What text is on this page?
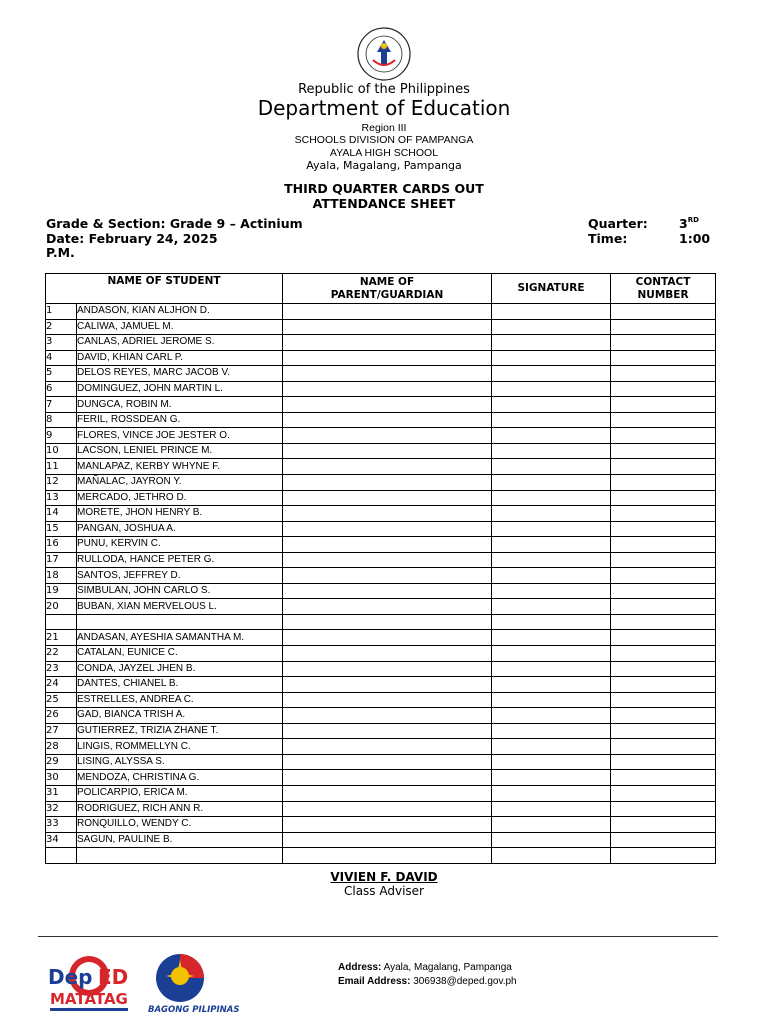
Republic of the Philippines
Department of Education
Region III
SCHOOLS DIVISION OF PAMPANGA
AYALA HIGH SCHOOL
Ayala, Magalang, Pampanga
THIRD QUARTER CARDS OUT
ATTENDANCE SHEET
Grade & Section: Grade 9 – Actinium
Date: February 24, 2025
P.M.
Quarter:	3RD
Time:	1:00
NAME OF STUDENT		NAME OF PARENT/GUARDIAN	SIGNATURE	CONTACT NUMBER
1	ANDASON, KIAN ALJHON D.			
2	CALIWA, JAMUEL M.			
3	CANLAS, ADRIEL JEROME S.			
4	DAVID, KHIAN CARL P.			
5	DELOS REYES, MARC JACOB V.			
6	DOMINGUEZ, JOHN MARTIN L.			
7	DUNGCA, ROBIN M.			
8	FERIL, ROSSDEAN G.			
9	FLORES, VINCE JOE JESTER O.			
10	LACSON, LENIEL PRINCE M.			
11	MANLAPAZ, KERBY WHYNE F.			
12	MAÑALAC, JAYRON Y.			
13	MERCADO, JETHRO D.			
14	MORETE, JHON HENRY B.			
15	PANGAN, JOSHUA A.			
16	PUNU, KERVIN C.			
17	RULLODA, HANCE PETER G.			
18	SANTOS, JEFFREY D.			
19	SIMBULAN, JOHN CARLO S.			
20	BUBAN, XIAN MERVELOUS L.			

21	ANDASAN, AYESHIA SAMANTHA M.			
22	CATALAN, EUNICE C.			
23	CONDA, JAYZEL JHEN B.			
24	DANTES, CHIANEL B.			
25	ESTRELLES, ANDREA C.			
26	GAD, BIANCA TRISH A.			
27	GUTIERREZ, TRIZIA ZHANE T.			
28	LINGIS, ROMMELLYN C.			
29	LISING, ALYSSA S.			
30	MENDOZA, CHRISTINA G.			
31	POLICARPIO, ERICA M.			
32	RODRIGUEZ, RICH ANN R.			
33	RONQUILLO, WENDY C.			
34	SAGUN, PAULINE B.			

VIVIEN F. DAVID
Class Adviser
Dep ED
MATATAG
BAGONG PILIPINAS
Address: Ayala, Magalang, Pampanga
Email Address: 306938@deped.gov.ph
